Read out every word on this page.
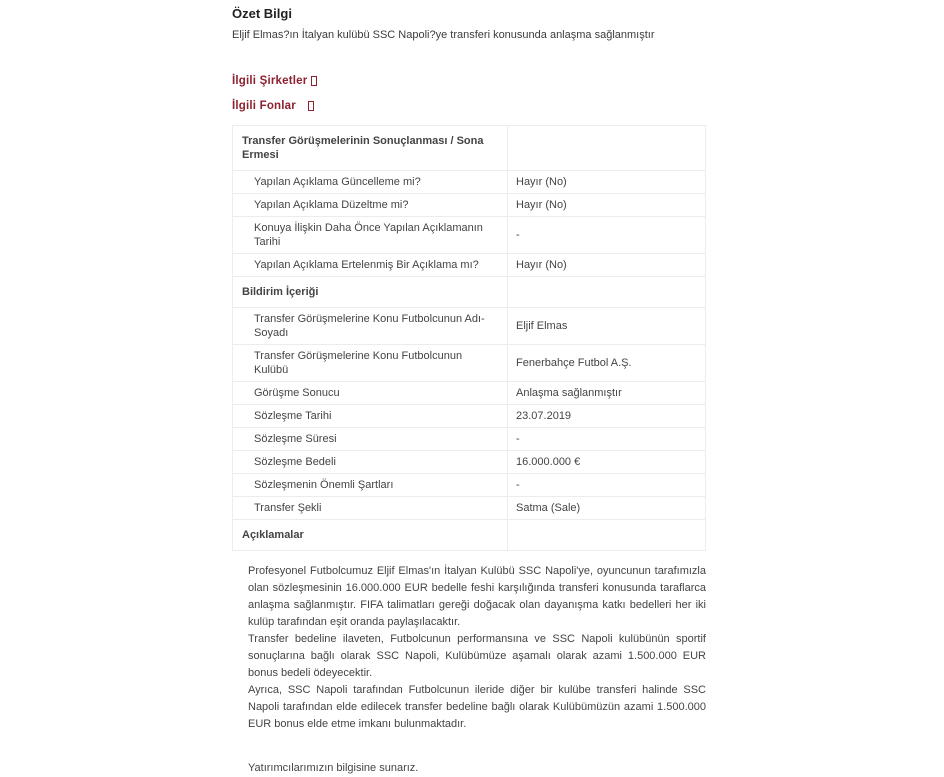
Özet Bilgi

Eljif Elmas?ın İtalyan kulübü SSC Napoli?ye transferi konusunda anlaşma sağlanmıştır

İlgili Şirketler
İlgili Fonlar
Transfer Görüşmelerinin Sonuçlanması / Sona Ermesi	
Yapılan Açıklama Güncelleme mi?	Hayır (No)
Yapılan Açıklama Düzeltme mi?	Hayır (No)
Konuya İlişkin Daha Önce Yapılan Açıklamanın Tarihi	-
Yapılan Açıklama Ertelenmiş Bir Açıklama mı?	Hayır (No)
Bildirim İçeriği	
Transfer Görüşmelerine Konu Futbolcunun Adı-Soyadı	Eljif Elmas
Transfer Görüşmelerine Konu Futbolcunun Kulübü	Fenerbahçe Futbol A.Ş.
Görüşme Sonucu	Anlaşma sağlanmıştır
Sözleşme Tarihi	23.07.2019
Sözleşme Süresi	-
Sözleşme Bedeli	16.000.000 €
Sözleşmenin Önemli Şartları	-
Transfer Şekli	Satma (Sale)
Açıklamalar	

Profesyonel Futbolcumuz Eljif Elmas'ın İtalyan Kulübü SSC Napoli'ye, oyuncunun tarafımızla olan sözleşmesinin 16.000.000 EUR bedelle feshi karşılığında transferi konusunda taraflarca anlaşma sağlanmıştır. FIFA talimatları gereği doğacak olan dayanışma katkı bedelleri her iki kulüp tarafından eşit oranda paylaşılacaktır.

Transfer bedeline ilaveten, Futbolcunun performansına ve SSC Napoli kulübünün sportif sonuçlarına bağlı olarak SSC Napoli, Kulübümüze aşamalı olarak azami 1.500.000 EUR bonus bedeli ödeyecektir.

Ayrıca, SSC Napoli tarafından Futbolcunun ileride diğer bir kulübe transferi halinde SSC Napoli tarafından elde edilecek transfer bedeline bağlı olarak Kulübümüzün azami 1.500.000 EUR bonus elde etme imkanı bulunmaktadır.

Yatırımcılarımızın bilgisine sunarız.
